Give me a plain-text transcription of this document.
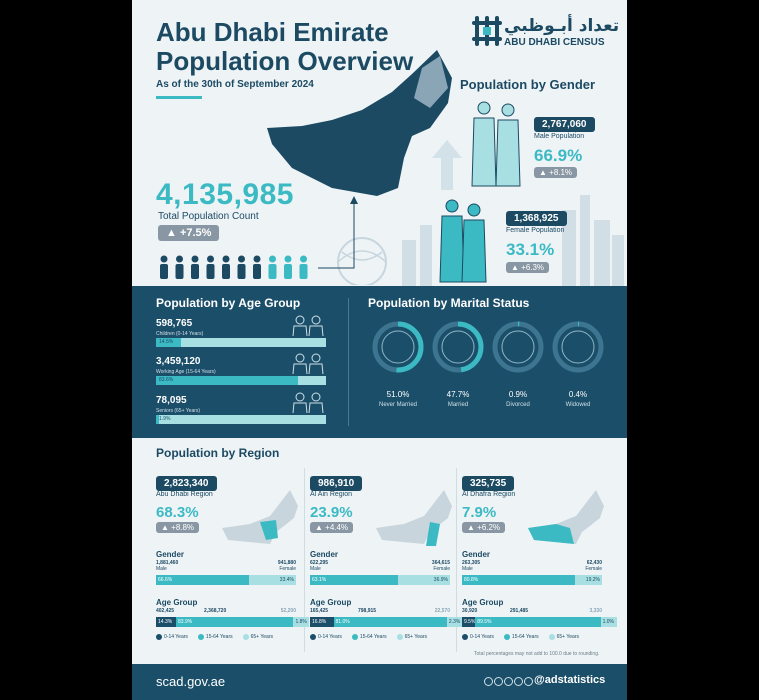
Abu Dhabi Emirate
Population Overview
As of the 30th of September 2024
تعداد أبـوظبي
ABU DHABI CENSUS
4,135,985
Total Population Count
▲ +7.5%
Population by Gender
2,767,060
Male Population
66.9%
▲ +8.1%
1,368,925
Female Population
33.1%
▲ +6.3%
Population by Age Group	Population by Marital Status
Population by Region
Total percentages may not add to 100.0 due to rounding.
scad.gov.ae	@adstatistics
598,765
Children (0-14 Years)
14.5%
3,459,120
Working Age (15-64 Years)
83.6%
78,095
Seniors (65+ Years)
1.9%
51.0%
Never Married
47.7%
Married
0.9%
Divorced
0.4%
Widowed
2,823,340
Abu Dhabi Region
68.3%
▲ +8.8%
Gender
1,881,460
Male
941,880
Female
66.6%	33.4%
Age Group
402,425	2,368,720	52,200
14.3%	83.9%	1.8%
0-14 Years	15-64 Years	65+ Years
986,910
Al Ain Region
23.9%
▲ +4.4%
Gender
622,295
Male
364,615
Female
63.1%	36.9%
Age Group
165,425	798,915	22,570
16.8%	81.0%	2.3%
0-14 Years	15-64 Years	65+ Years
325,735
Al Dhafra Region
7.9%
▲ +6.2%
Gender
263,305
Male
62,430
Female
80.8%	19.2%
Age Group
30,920	291,485	3,330
9.5% 89.5%	1.0%
0-14 Years	15-64 Years	65+ Years
